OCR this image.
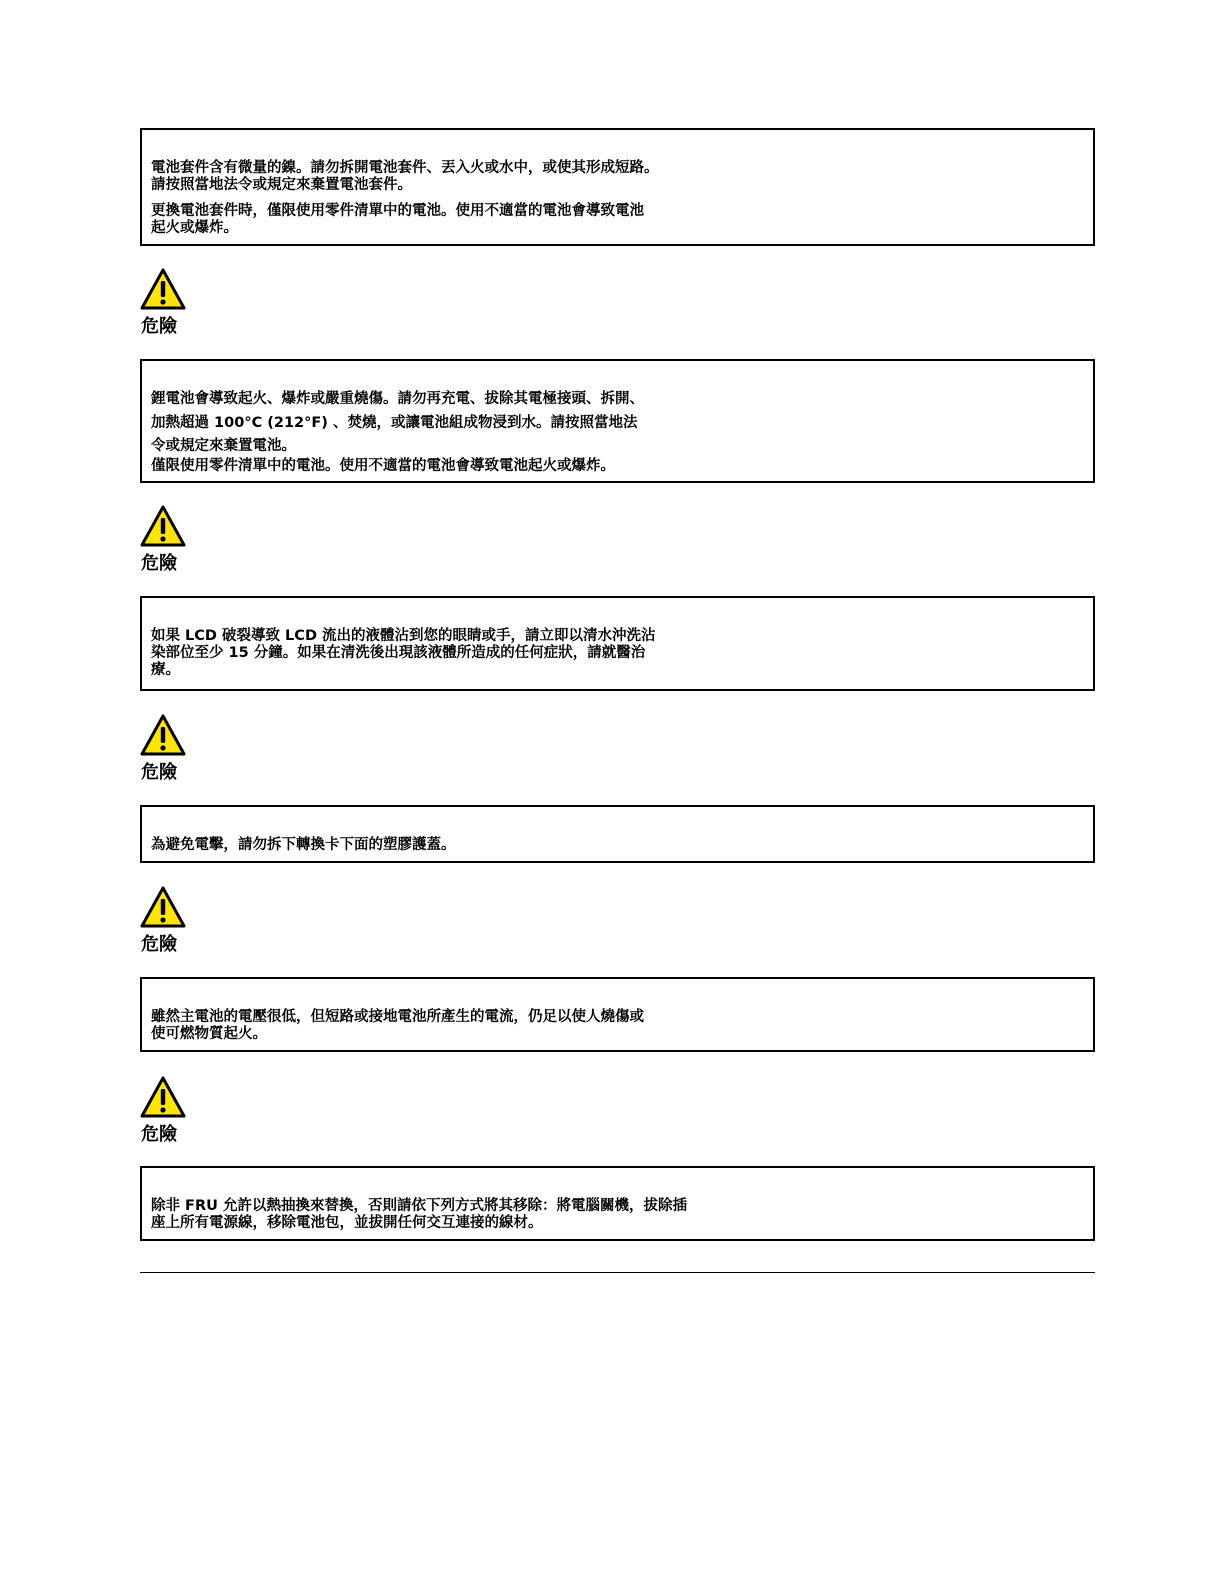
電池套件含有微量的鎳。請勿拆開電池套件、丟入火或水中，或使其形成短路。
請按照當地法令或規定來棄置電池套件。

更換電池套件時，僅限使用零件清單中的電池。使用不適當的電池會導致電池
起火或爆炸。

危險

鋰電池會導致起火、爆炸或嚴重燒傷。請勿再充電、拔除其電極接頭、拆開、

加熱超過 100°C (212°F) 、焚燒，或讓電池組成物浸到水。請按照當地法

令或規定來棄置電池。
僅限使用零件清單中的電池。使用不適當的電池會導致電池起火或爆炸。

危險

如果 LCD 破裂導致 LCD 流出的液體沾到您的眼睛或手，請立即以清水沖洗沾
染部位至少 15 分鐘。如果在清洗後出現該液體所造成的任何症狀，請就醫治
療。

危險

為避免電擊，請勿拆下轉換卡下面的塑膠護蓋。

危險

雖然主電池的電壓很低，但短路或接地電池所產生的電流，仍足以使人燒傷或
使可燃物質起火。

危險

除非 FRU 允許以熱抽換來替換，否則請依下列方式將其移除：將電腦關機，拔除插
座上所有電源線，移除電池包，並拔開任何交互連接的線材。
